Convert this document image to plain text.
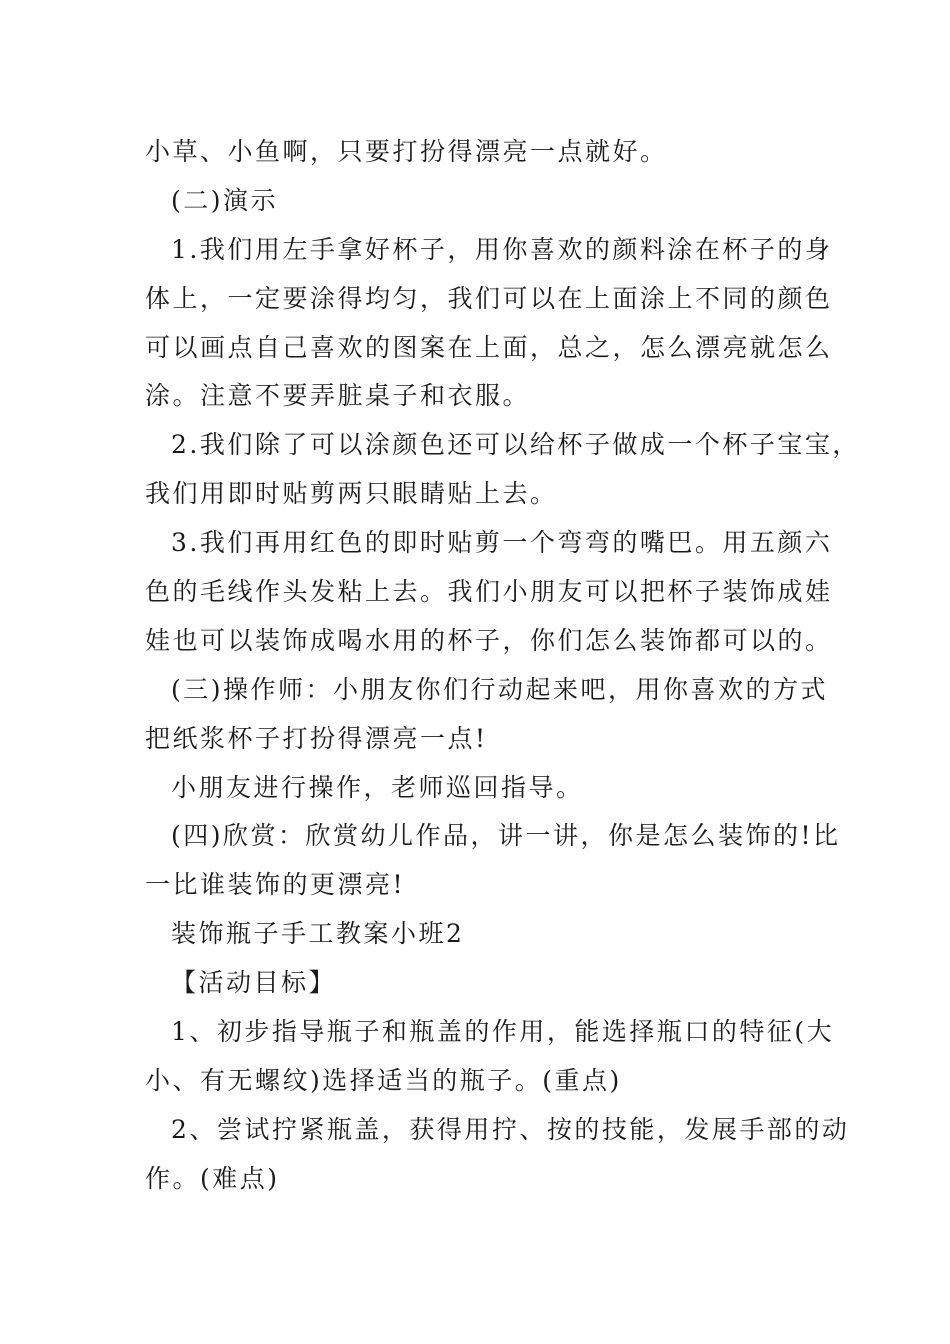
小草、小鱼啊，只要打扮得漂亮一点就好。
(二)演示
1.我们用左手拿好杯子，用你喜欢的颜料涂在杯子的身
体上，一定要涂得均匀，我们可以在上面涂上不同的颜色
可以画点自己喜欢的图案在上面，总之，怎么漂亮就怎么
涂。注意不要弄脏桌子和衣服。
2.我们除了可以涂颜色还可以给杯子做成一个杯子宝宝，
我们用即时贴剪两只眼睛贴上去。
3.我们再用红色的即时贴剪一个弯弯的嘴巴。用五颜六
色的毛线作头发粘上去。我们小朋友可以把杯子装饰成娃
娃也可以装饰成喝水用的杯子，你们怎么装饰都可以的。
(三)操作师：小朋友你们行动起来吧，用你喜欢的方式
把纸浆杯子打扮得漂亮一点!
小朋友进行操作，老师巡回指导。
(四)欣赏：欣赏幼儿作品，讲一讲，你是怎么装饰的!比
一比谁装饰的更漂亮!
装饰瓶子手工教案小班2
【活动目标】
1、初步指导瓶子和瓶盖的作用，能选择瓶口的特征(大
小、有无螺纹)选择适当的瓶子。(重点)
2、尝试拧紧瓶盖，获得用拧、按的技能，发展手部的动
作。(难点)
